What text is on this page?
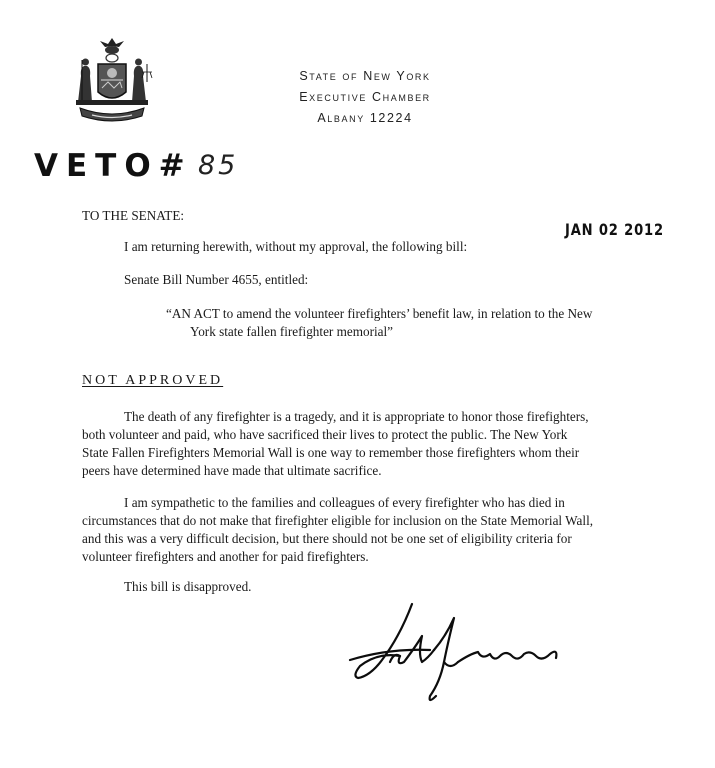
State of New York
Executive Chamber
Albany 12224
VETO# 85
TO THE SENATE:
JAN 02 2012
I am returning herewith, without my approval, the following bill:
Senate Bill Number 4655, entitled:
“AN ACT to amend the volunteer firefighters’ benefit law, in relation to the New
York state fallen firefighter memorial”
NOT APPROVED
The death of any firefighter is a tragedy, and it is appropriate to honor those firefighters,
both volunteer and paid, who have sacrificed their lives to protect the public. The New York
State Fallen Firefighters Memorial Wall is one way to remember those firefighters whom their
peers have determined have made that ultimate sacrifice.
I am sympathetic to the families and colleagues of every firefighter who has died in
circumstances that do not make that firefighter eligible for inclusion on the State Memorial Wall,
and this was a very difficult decision, but there should not be one set of eligibility criteria for
volunteer firefighters and another for paid firefighters.
This bill is disapproved.
